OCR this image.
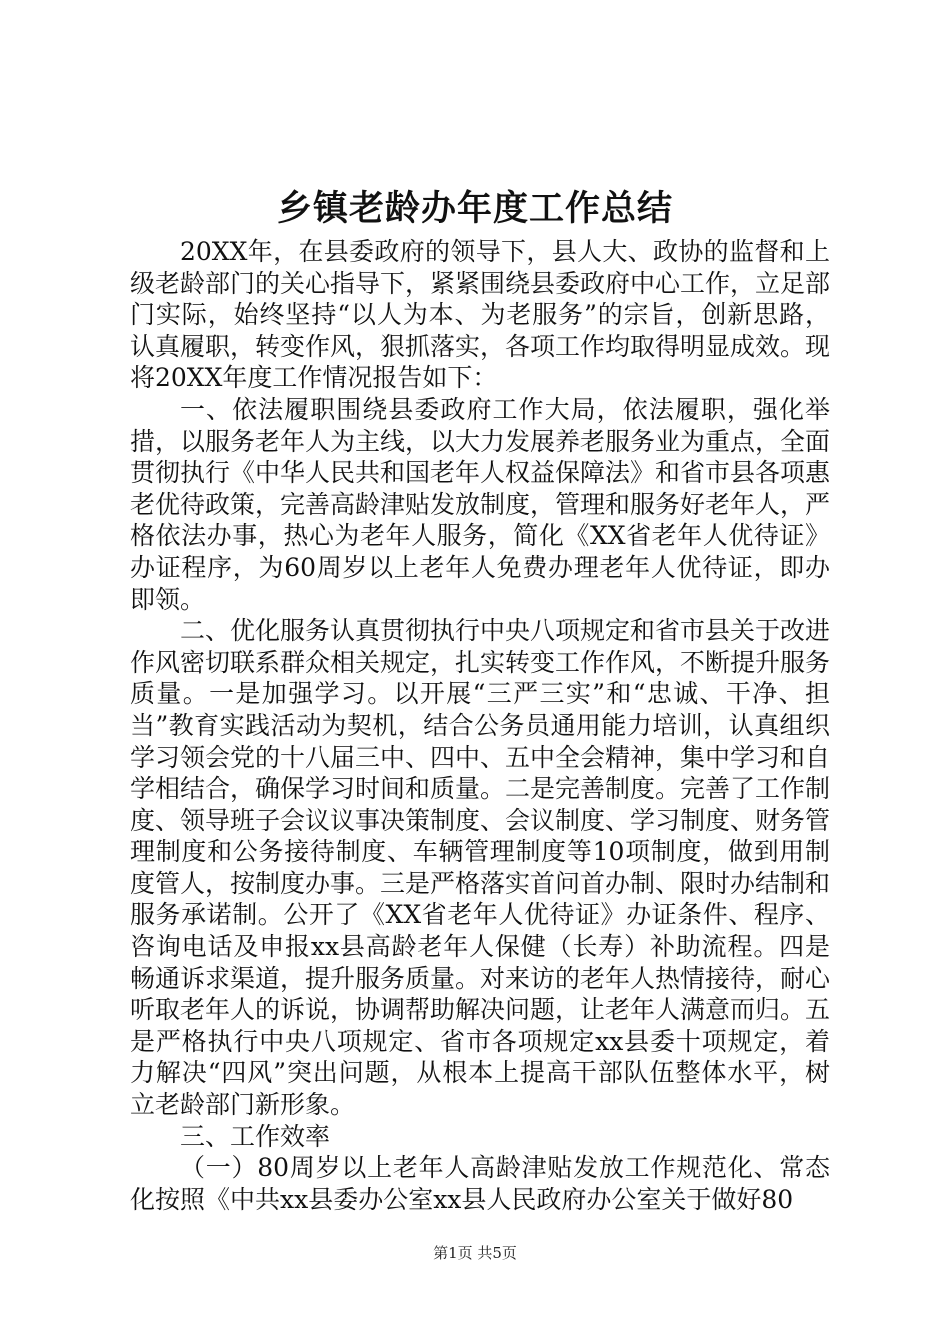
乡镇老龄办年度工作总结

20XX年，在县委政府的领导下，县人大、政协的监督和上级老龄部门的关心指导下，紧紧围绕县委政府中心工作，立足部门实际，始终坚持“以人为本、为老服务”的宗旨，创新思路，认真履职，转变作风，狠抓落实，各项工作均取得明显成效。现将20XX年度工作情况报告如下：

一、依法履职围绕县委政府工作大局，依法履职，强化举措，以服务老年人为主线，以大力发展养老服务业为重点，全面贯彻执行《中华人民共和国老年人权益保障法》和省市县各项惠老优待政策，完善高龄津贴发放制度，管理和服务好老年人，严格依法办事，热心为老年人服务，简化《XX省老年人优待证》办证程序，为60周岁以上老年人免费办理老年人优待证，即办即领。

二、优化服务认真贯彻执行中央八项规定和省市县关于改进作风密切联系群众相关规定，扎实转变工作作风，不断提升服务质量。一是加强学习。以开展“三严三实”和“忠诚、干净、担当”教育实践活动为契机，结合公务员通用能力培训，认真组织学习领会党的十八届三中、四中、五中全会精神，集中学习和自学相结合，确保学习时间和质量。二是完善制度。完善了工作制度、领导班子会议议事决策制度、会议制度、学习制度、财务管理制度和公务接待制度、车辆管理制度等10项制度，做到用制度管人，按制度办事。三是严格落实首问首办制、限时办结制和服务承诺制。公开了《XX省老年人优待证》办证条件、程序、咨询电话及申报xx县高龄老年人保健（长寿）补助流程。四是畅通诉求渠道，提升服务质量。对来访的老年人热情接待，耐心听取老年人的诉说，协调帮助解决问题，让老年人满意而归。五是严格执行中央八项规定、省市各项规定xx县委十项规定，着力解决“四风”突出问题，从根本上提高干部队伍整体水平，树立老龄部门新形象。

三、工作效率

（一）80周岁以上老年人高龄津贴发放工作规范化、常态化按照《中共xx县委办公室xx县人民政府办公室关于做好80

第1页 共5页
